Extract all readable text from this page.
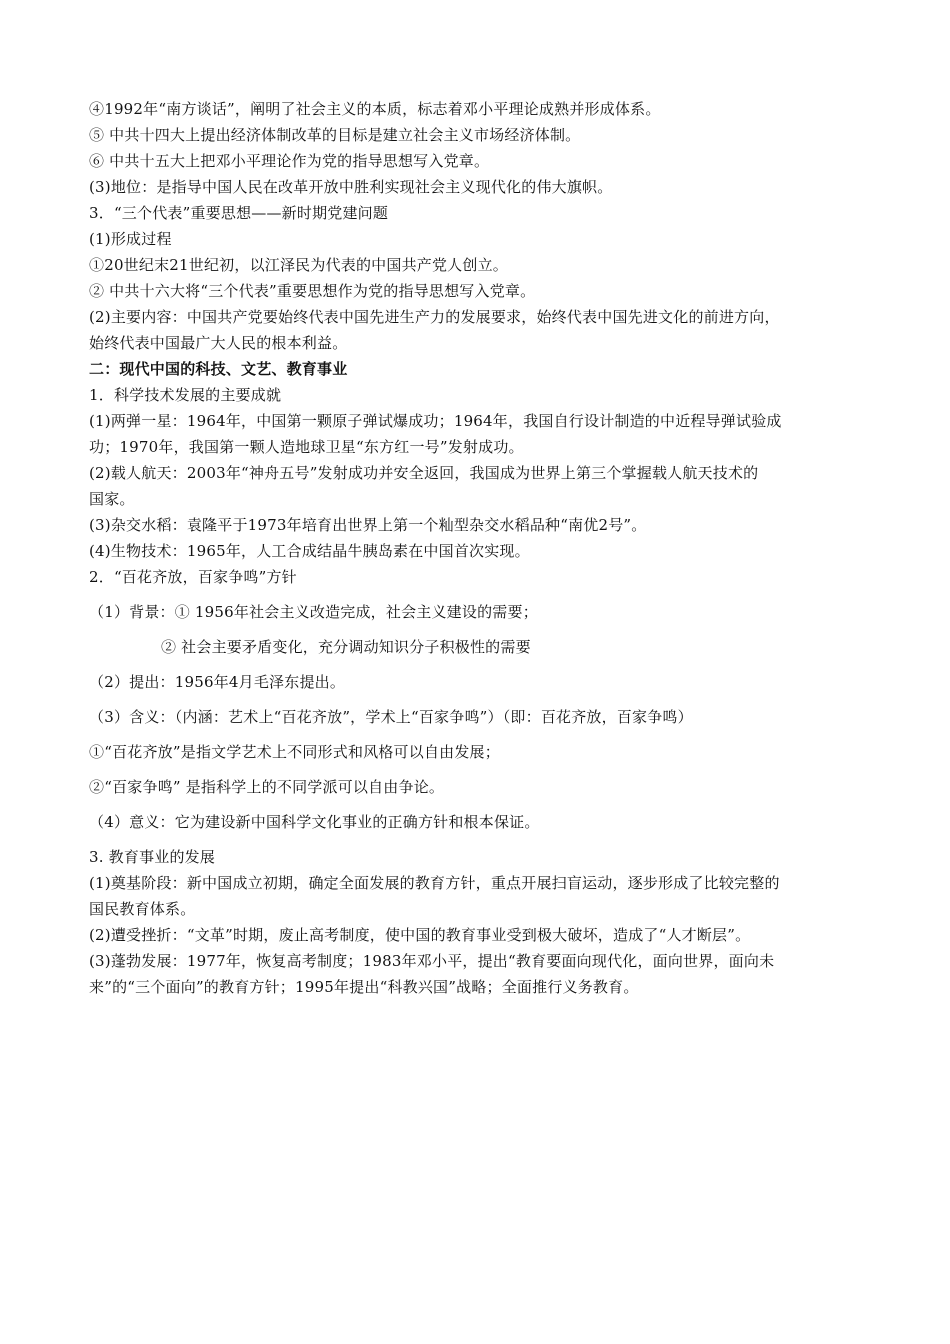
④1992年“南方谈话”，阐明了社会主义的本质，标志着邓小平理论成熟并形成体系。
⑤ 中共十四大上提出经济体制改革的目标是建立社会主义市场经济体制。
⑥ 中共十五大上把邓小平理论作为党的指导思想写入党章。
(3)地位：是指导中国人民在改革开放中胜利实现社会主义现代化的伟大旗帜。
3．“三个代表”重要思想——新时期党建问题
(1)形成过程
①20世纪末21世纪初，以江泽民为代表的中国共产党人创立。
② 中共十六大将“三个代表”重要思想作为党的指导思想写入党章。
(2)主要内容：中国共产党要始终代表中国先进生产力的发展要求，始终代表中国先进文化的前进方向，
始终代表中国最广大人民的根本利益。
二：现代中国的科技、文艺、教育事业
1．科学技术发展的主要成就
(1)两弹一星：1964年，中国第一颗原子弹试爆成功；1964年，我国自行设计制造的中近程导弹试验成
功；1970年，我国第一颗人造地球卫星“东方红一号”发射成功。
(2)载人航天：2003年“神舟五号”发射成功并安全返回，我国成为世界上第三个掌握载人航天技术的
国家。
(3)杂交水稻：袁隆平于1973年培育出世界上第一个籼型杂交水稻品种“南优2号”。
(4)生物技术：1965年，人工合成结晶牛胰岛素在中国首次实现。
2．“百花齐放，百家争鸣”方针
（1）背景：① 1956年社会主义改造完成，社会主义建设的需要；
② 社会主要矛盾变化，充分调动知识分子积极性的需要
（2）提出：1956年4月毛泽东提出。
（3）含义：（内涵：艺术上“百花齐放”，学术上“百家争鸣”）（即：百花齐放，百家争鸣）
①“百花齐放”是指文学艺术上不同形式和风格可以自由发展；
②“百家争鸣” 是指科学上的不同学派可以自由争论。
（4）意义：它为建设新中国科学文化事业的正确方针和根本保证。
3. 教育事业的发展
(1)奠基阶段：新中国成立初期，确定全面发展的教育方针，重点开展扫盲运动，逐步形成了比较完整的
国民教育体系。
(2)遭受挫折：“文革”时期，废止高考制度，使中国的教育事业受到极大破坏，造成了“人才断层”。
(3)蓬勃发展：1977年，恢复高考制度；1983年邓小平，提出“教育要面向现代化，面向世界，面向未
来”的“三个面向”的教育方针；1995年提出“科教兴国”战略；全面推行义务教育。
